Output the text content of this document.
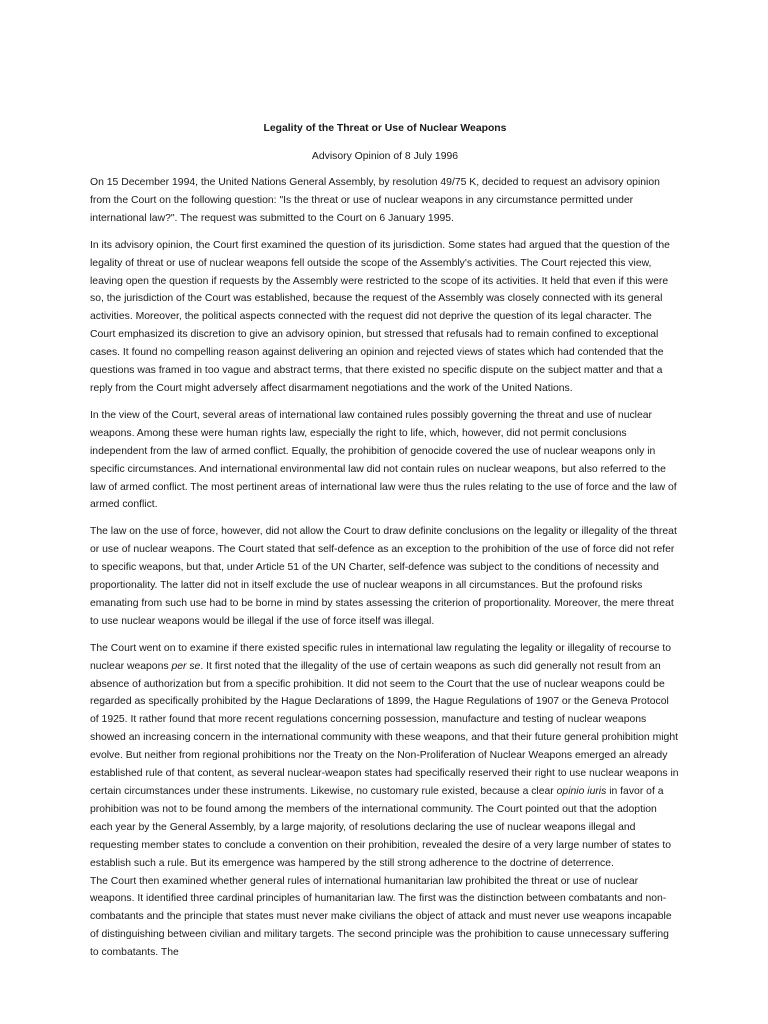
Legality of the Threat or Use of Nuclear Weapons
Advisory Opinion of 8 July 1996

On 15 December 1994, the United Nations General Assembly, by resolution 49/75 K, decided to request an advisory opinion from the Court on the following question: "Is the threat or use of nuclear weapons in any circumstance permitted under international law?". The request was submitted to the Court on 6 January 1995.

In its advisory opinion, the Court first examined the question of its jurisdiction. Some states had argued that the question of the legality of threat or use of nuclear weapons fell outside the scope of the Assembly's activities. The Court rejected this view, leaving open the question if requests by the Assembly were restricted to the scope of its activities. It held that even if this were so, the jurisdiction of the Court was established, because the request of the Assembly was closely connected with its general activities. Moreover, the political aspects connected with the request did not deprive the question of its legal character. The Court emphasized its discretion to give an advisory opinion, but stressed that refusals had to remain confined to exceptional cases. It found no compelling reason against delivering an opinion and rejected views of states which had contended that the questions was framed in too vague and abstract terms, that there existed no specific dispute on the subject matter and that a reply from the Court might adversely affect disarmament negotiations and the work of the United Nations.

In the view of the Court, several areas of international law contained rules possibly governing the threat and use of nuclear weapons. Among these were human rights law, especially the right to life, which, however, did not permit conclusions independent from the law of armed conflict. Equally, the prohibition of genocide covered the use of nuclear weapons only in specific circumstances. And international environmental law did not contain rules on nuclear weapons, but also referred to the law of armed conflict. The most pertinent areas of international law were thus the rules relating to the use of force and the law of armed conflict.

The law on the use of force, however, did not allow the Court to draw definite conclusions on the legality or illegality of the threat or use of nuclear weapons. The Court stated that self-defence as an exception to the prohibition of the use of force did not refer to specific weapons, but that, under Article 51 of the UN Charter, self-defence was subject to the conditions of necessity and proportionality. The latter did not in itself exclude the use of nuclear weapons in all circumstances. But the profound risks emanating from such use had to be borne in mind by states assessing the criterion of proportionality. Moreover, the mere threat to use nuclear weapons would be illegal if the use of force itself was illegal.

The Court went on to examine if there existed specific rules in international law regulating the legality or illegality of recourse to nuclear weapons per se. It first noted that the illegality of the use of certain weapons as such did generally not result from an absence of authorization but from a specific prohibition. It did not seem to the Court that the use of nuclear weapons could be regarded as specifically prohibited by the Hague Declarations of 1899, the Hague Regulations of 1907 or the Geneva Protocol of 1925. It rather found that more recent regulations concerning possession, manufacture and testing of nuclear weapons showed an increasing concern in the international community with these weapons, and that their future general prohibition might evolve. But neither from regional prohibitions nor the Treaty on the Non-Proliferation of Nuclear Weapons emerged an already established rule of that content, as several nuclear-weapon states had specifically reserved their right to use nuclear weapons in certain circumstances under these instruments. Likewise, no customary rule existed, because a clear opinio iuris in favor of a prohibition was not to be found among the members of the international community. The Court pointed out that the adoption each year by the General Assembly, by a large majority, of resolutions declaring the use of nuclear weapons illegal and requesting member states to conclude a convention on their prohibition, revealed the desire of a very large number of states to establish such a rule. But its emergence was hampered by the still strong adherence to the doctrine of deterrence.

The Court then examined whether general rules of international humanitarian law prohibited the threat or use of nuclear weapons. It identified three cardinal principles of humanitarian law. The first was the distinction between combatants and non-combatants and the principle that states must never make civilians the object of attack and must never use weapons incapable of distinguishing between civilian and military targets. The second principle was the prohibition to cause unnecessary suffering to combatants. The
